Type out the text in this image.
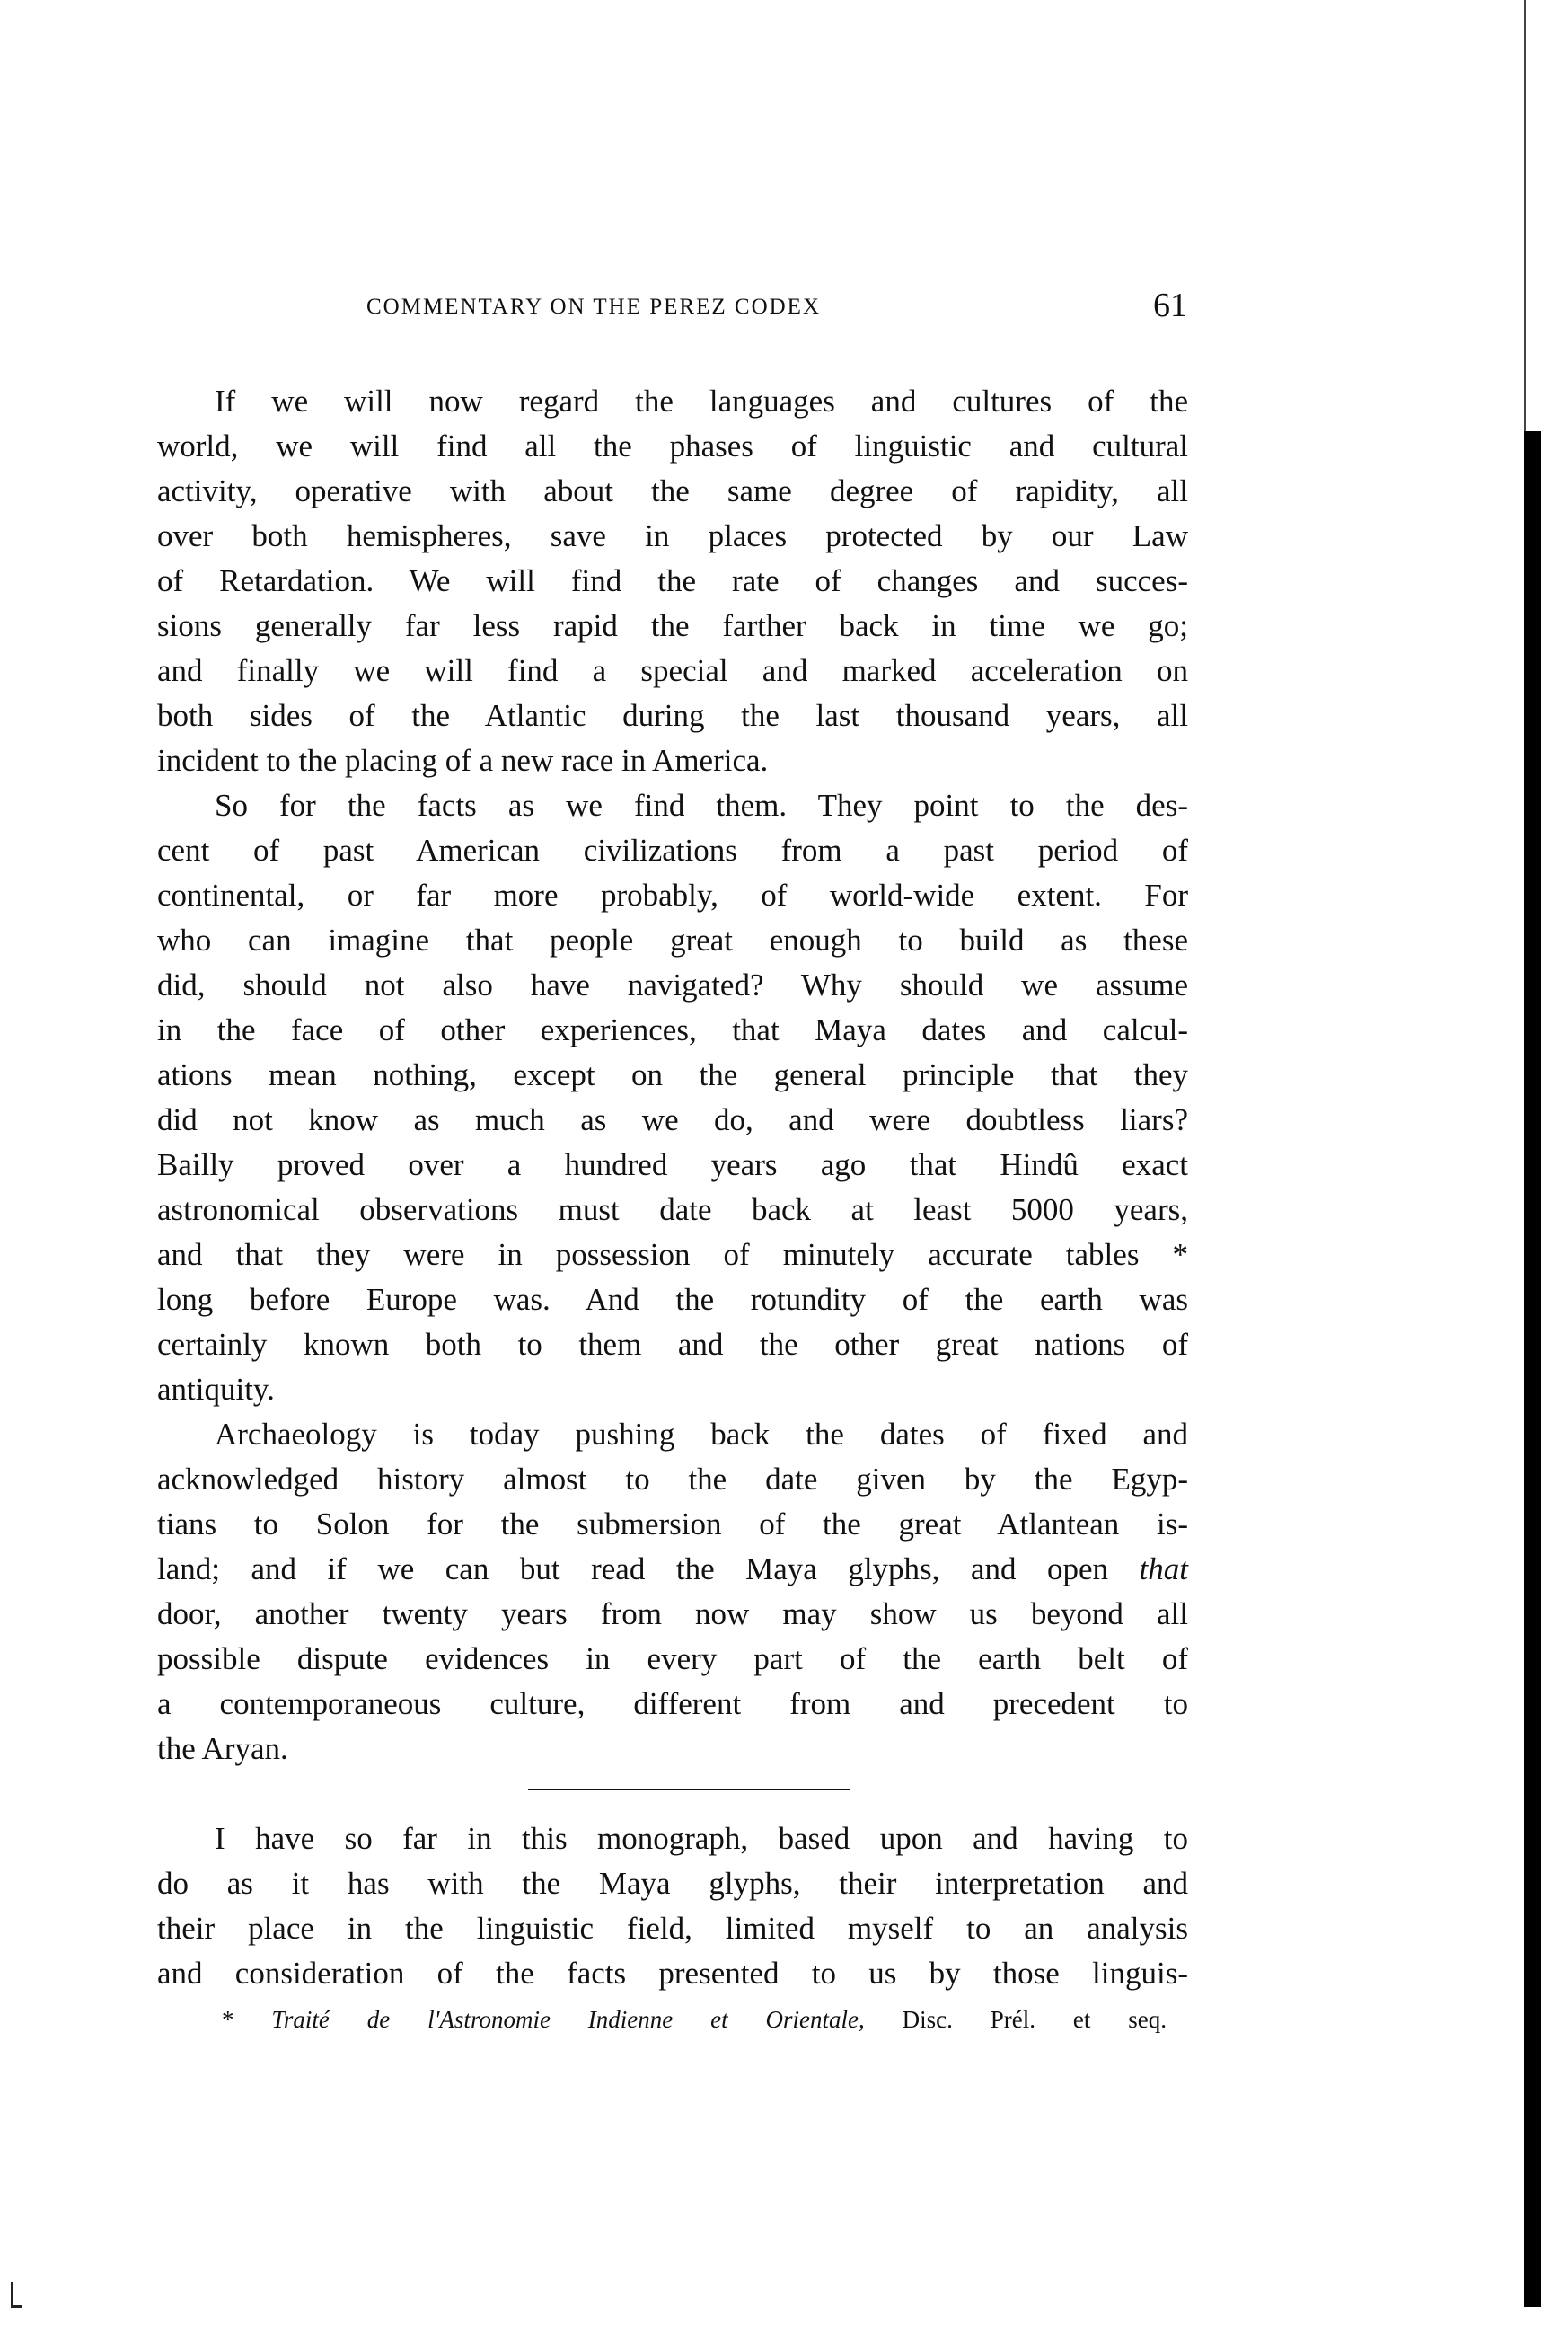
COMMENTARY ON THE PEREZ CODEX	61
If we will now regard the languages and cultures of the
world, we will find all the phases of linguistic and cultural
activity, operative with about the same degree of rapidity, all
over both hemispheres, save in places protected by our Law
of Retardation. We will find the rate of changes and succes-
sions generally far less rapid the farther back in time we go;
and finally we will find a special and marked acceleration on
both sides of the Atlantic during the last thousand years, all
incident to the placing of a new race in America.
So for the facts as we find them. They point to the des-
cent of past American civilizations from a past period of
continental, or far more probably, of world-wide extent. For
who can imagine that people great enough to build as these
did, should not also have navigated? Why should we assume
in the face of other experiences, that Maya dates and calcul-
ations mean nothing, except on the general principle that they
did not know as much as we do, and were doubtless liars?
Bailly proved over a hundred years ago that Hindû exact
astronomical observations must date back at least 5000 years,
and that they were in possession of minutely accurate tables *
long before Europe was. And the rotundity of the earth was
certainly known both to them and the other great nations of
antiquity.
Archaeology is today pushing back the dates of fixed and
acknowledged history almost to the date given by the Egyp-
tians to Solon for the submersion of the great Atlantean is-
land; and if we can but read the Maya glyphs, and open that
door, another twenty years from now may show us beyond all
possible dispute evidences in every part of the earth belt of
a contemporaneous culture, different from and precedent to
the Aryan.
I have so far in this monograph, based upon and having to
do as it has with the Maya glyphs, their interpretation and
their place in the linguistic field, limited myself to an analysis
and consideration of the facts presented to us by those linguis-
* Traité de l'Astronomie Indienne et Orientale, Disc. Prél. et seq.
